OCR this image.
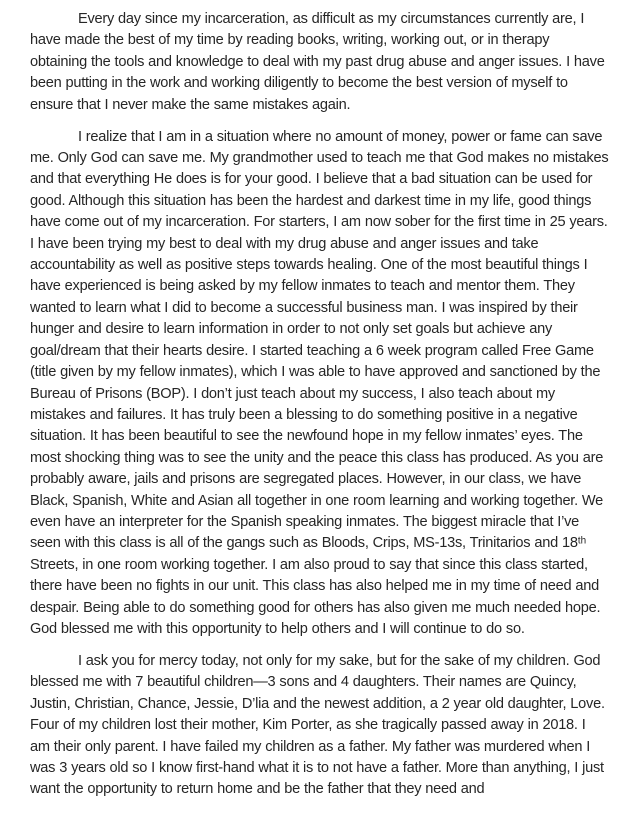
Every day since my incarceration, as difficult as my circumstances currently are, I have made the best of my time by reading books, writing, working out, or in therapy obtaining the tools and knowledge to deal with my past drug abuse and anger issues. I have been putting in the work and working diligently to become the best version of myself to ensure that I never make the same mistakes again.

I realize that I am in a situation where no amount of money, power or fame can save me. Only God can save me. My grandmother used to teach me that God makes no mistakes and that everything He does is for your good. I believe that a bad situation can be used for good. Although this situation has been the hardest and darkest time in my life, good things have come out of my incarceration. For starters, I am now sober for the first time in 25 years. I have been trying my best to deal with my drug abuse and anger issues and take accountability as well as positive steps towards healing. One of the most beautiful things I have experienced is being asked by my fellow inmates to teach and mentor them. They wanted to learn what I did to become a successful business man. I was inspired by their hunger and desire to learn information in order to not only set goals but achieve any goal/dream that their hearts desire. I started teaching a 6 week program called Free Game (title given by my fellow inmates), which I was able to have approved and sanctioned by the Bureau of Prisons (BOP). I don’t just teach about my success, I also teach about my mistakes and failures. It has truly been a blessing to do something positive in a negative situation. It has been beautiful to see the newfound hope in my fellow inmates’ eyes. The most shocking thing was to see the unity and the peace this class has produced. As you are probably aware, jails and prisons are segregated places. However, in our class, we have Black, Spanish, White and Asian all together in one room learning and working together. We even have an interpreter for the Spanish speaking inmates. The biggest miracle that I’ve seen with this class is all of the gangs such as Bloods, Crips, MS-13s, Trinitarios and 18ᵗʰ Streets, in one room working together. I am also proud to say that since this class started, there have been no fights in our unit. This class has also helped me in my time of need and despair. Being able to do something good for others has also given me much needed hope. God blessed me with this opportunity to help others and I will continue to do so.

I ask you for mercy today, not only for my sake, but for the sake of my children. God blessed me with 7 beautiful children—3 sons and 4 daughters. Their names are Quincy, Justin, Christian, Chance, Jessie, D’lia and the newest addition, a 2 year old daughter, Love. Four of my children lost their mother, Kim Porter, as she tragically passed away in 2018. I am their only parent. I have failed my children as a father. My father was murdered when I was 3 years old so I know first-hand what it is to not have a father. More than anything, I just want the opportunity to return home and be the father that they need and
